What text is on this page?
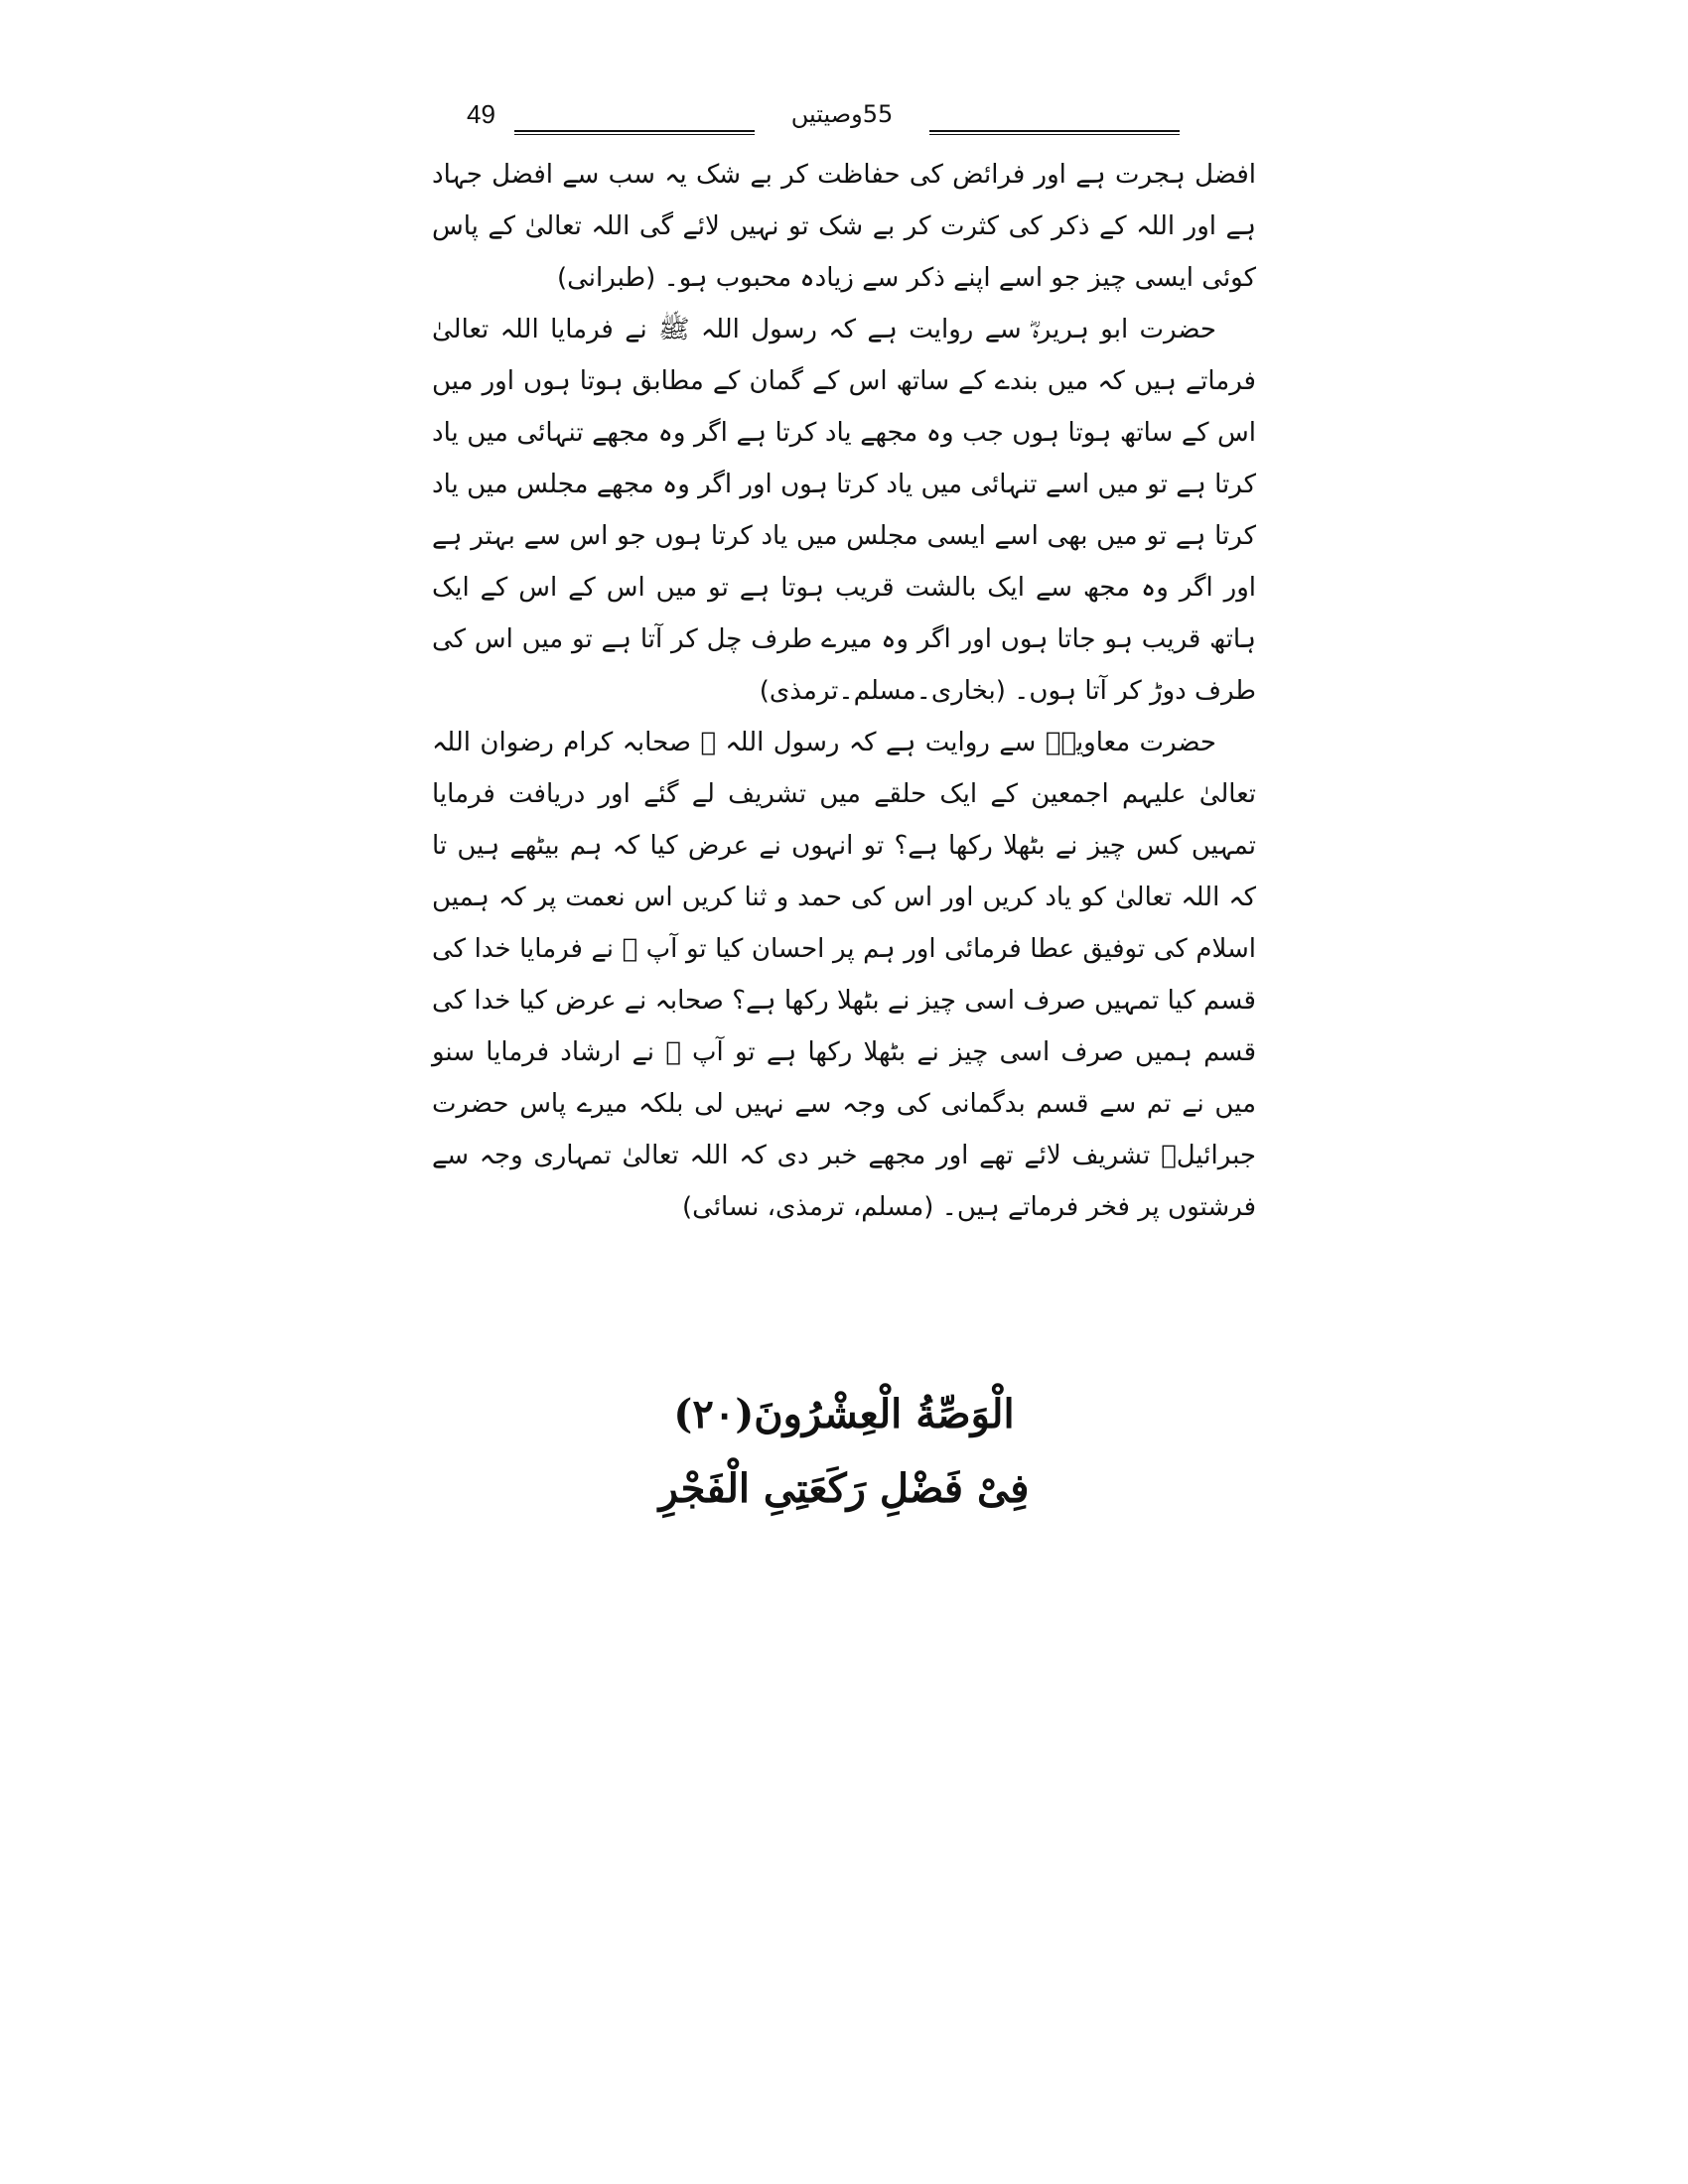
49	55وصیتیں

افضل ہجرت ہے اور فرائض کی حفاظت کر بے شک یہ سب سے افضل جہاد ہے اور اللہ کے ذکر کی کثرت کر بے شک تو نہیں لائے گی اللہ تعالیٰ کے پاس کوئی ایسی چیز جو اسے اپنے ذکر سے زیادہ محبوب ہو۔ (طبرانی)

حضرت ابو ہریرہؓ سے روایت ہے کہ رسول اللہ ﷺ نے فرمایا اللہ تعالیٰ فرماتے ہیں کہ میں بندے کے ساتھ اس کے گمان کے مطابق ہوتا ہوں اور میں اس کے ساتھ ہوتا ہوں جب وہ مجھے یاد کرتا ہے اگر وہ مجھے تنہائی میں یاد کرتا ہے تو میں اسے تنہائی میں یاد کرتا ہوں اور اگر وہ مجھے مجلس میں یاد کرتا ہے تو میں بھی اسے ایسی مجلس میں یاد کرتا ہوں جو اس سے بہتر ہے اور اگر وہ مجھ سے ایک بالشت قریب ہوتا ہے تو میں اس کے اس کے ایک ہاتھ قریب ہو جاتا ہوں اور اگر وہ میرے طرف چل کر آتا ہے تو میں اس کی طرف دوڑ کر آتا ہوں۔ (بخاری۔مسلم۔ترمذی)

حضرت معاویہؓ سے روایت ہے کہ رسول اللہ ﷺ صحابہ کرام رضوان اللہ تعالیٰ علیہم اجمعین کے ایک حلقے میں تشریف لے گئے اور دریافت فرمایا تمہیں کس چیز نے بٹھلا رکھا ہے؟ تو انہوں نے عرض کیا کہ ہم بیٹھے ہیں تا کہ اللہ تعالیٰ کو یاد کریں اور اس کی حمد و ثنا کریں اس نعمت پر کہ ہمیں اسلام کی توفیق عطا فرمائی اور ہم پر احسان کیا تو آپ ﷺ نے فرمایا خدا کی قسم کیا تمہیں صرف اسی چیز نے بٹھلا رکھا ہے؟ صحابہ نے عرض کیا خدا کی قسم ہمیں صرف اسی چیز نے بٹھلا رکھا ہے تو آپ ﷺ نے ارشاد فرمایا سنو میں نے تم سے قسم بدگمانی کی وجہ سے نہیں لی بلکہ میرے پاس حضرت جبرائیلؑ تشریف لائے تھے اور مجھے خبر دی کہ اللہ تعالیٰ تمہاری وجہ سے فرشتوں پر فخر فرماتے ہیں۔ (مسلم، ترمذی، نسائی)

الْوَصِّةُ الْعِشْرُونَ(۲۰)
فِیْ فَضْلِ رَکَعَتِیِ الْفَجْرِ
